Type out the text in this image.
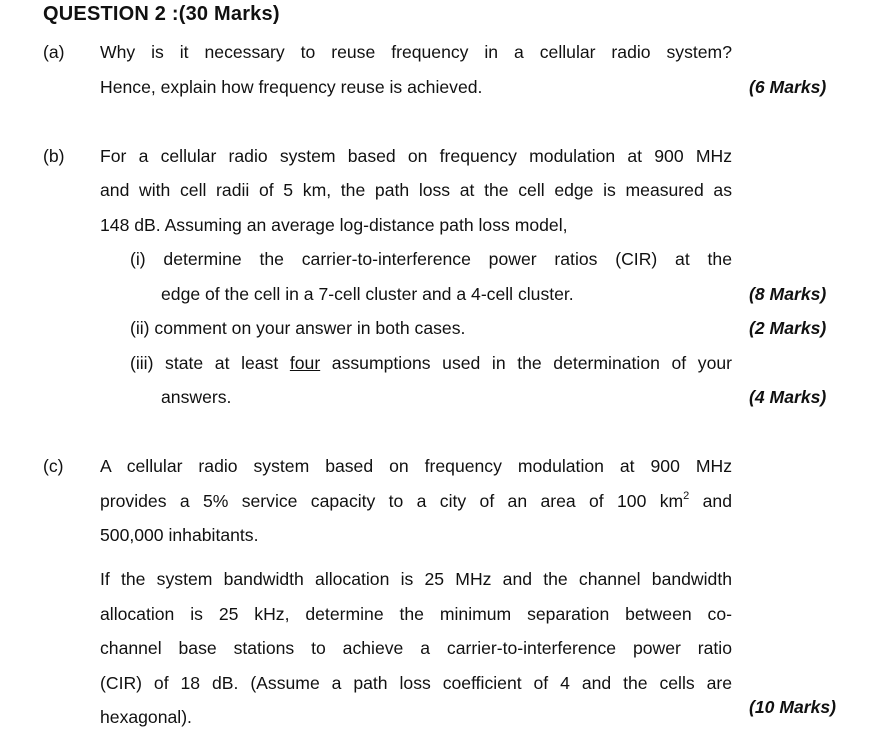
QUESTION 2 :(30 Marks)
(a) Why is it necessary to reuse frequency in a cellular radio system?
Hence, explain how frequency reuse is achieved.	(6 Marks)
(b) For a cellular radio system based on frequency modulation at 900 MHz
and with cell radii of 5 km, the path loss at the cell edge is measured as
148 dB. Assuming an average log-distance path loss model,
(i) determine the carrier-to-interference power ratios (CIR) at the
edge of the cell in a 7-cell cluster and a 4-cell cluster.	(8 Marks)
(ii) comment on your answer in both cases.	(2 Marks)
(iii) state at least four assumptions used in the determination of your
answers.	(4 Marks)
(c) A cellular radio system based on frequency modulation at 900 MHz
provides a 5% service capacity to a city of an area of 100 $km^2$ and
500,000 inhabitants.
If the system bandwidth allocation is 25 MHz and the channel bandwidth
allocation is 25 kHz, determine the minimum separation between co-
channel base stations to achieve a carrier-to-interference power ratio
(CIR) of 18 dB. (Assume a path loss coefficient of 4 and the cells are
hexagonal).	(10 Marks)
